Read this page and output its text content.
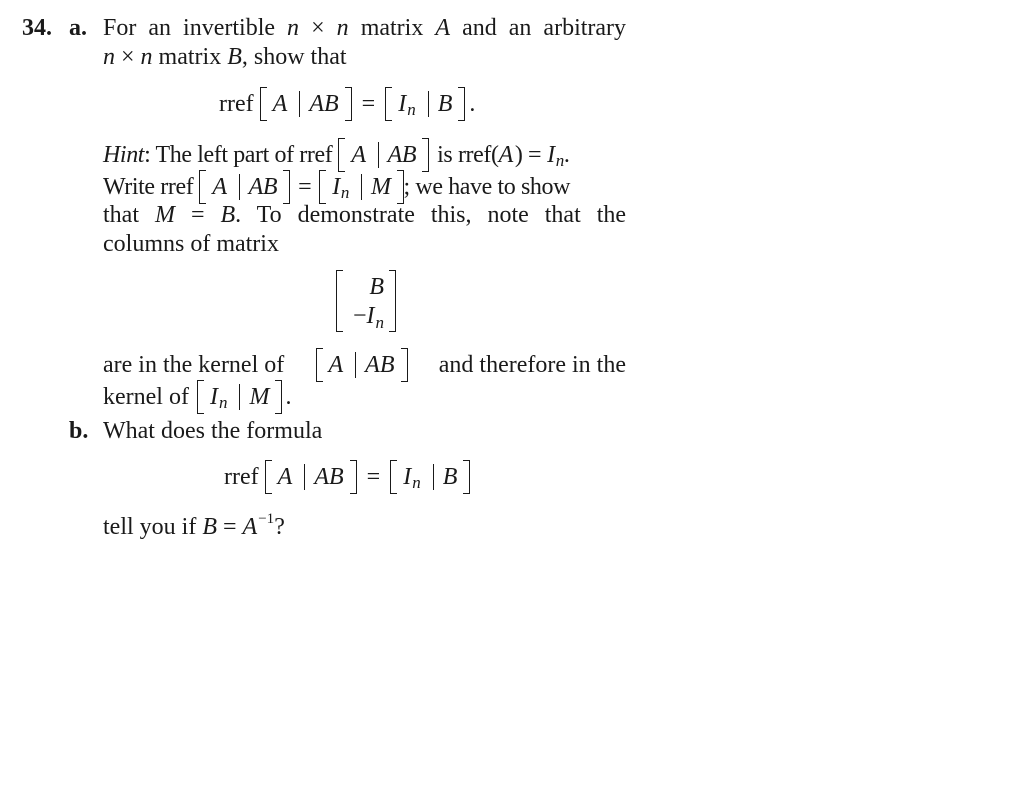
34. a. For an invertible n × n matrix A and an arbitrary
n × n matrix B, show that
rref A AB = I n B .
Hint : The left part of rref A AB is rref( A ) = I n .
Write rref A AB = I n M ; we have to show
that M = B. To demonstrate this, note that the
columns of matrix
B
$-I_n$
are in the kernel of A AB and therefore in the
kernel of I n M .
b. What does the formula
rref A AB = I n B
tell you if $B = A^{-1}$?
